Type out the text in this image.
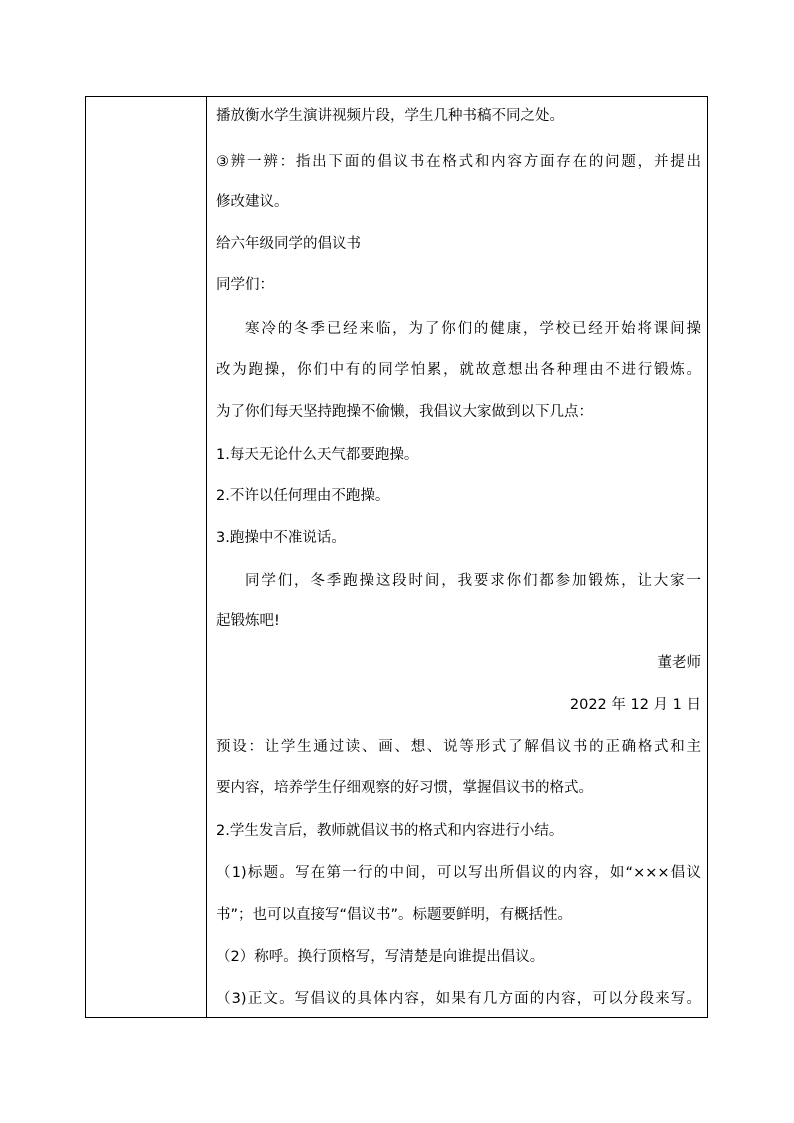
播放衡水学生演讲视频片段，学生几种书稿不同之处。
③辨一辨：指出下面的倡议书在格式和内容方面存在的问题，并提出
修改建议。
给六年级同学的倡议书
同学们：
寒冷的冬季已经来临，为了你们的健康，学校已经开始将课间操
改为跑操，你们中有的同学怕累，就故意想出各种理由不进行锻炼。
为了你们每天坚持跑操不偷懒，我倡议大家做到以下几点：
1.每天无论什么天气都要跑操。
2.不许以任何理由不跑操。
3.跑操中不准说话。
同学们，冬季跑操这段时间，我要求你们都参加锻炼，让大家一
起锻炼吧!
董老师
2022 年 12 月 1 日
预设：让学生通过读、画、想、说等形式了解倡议书的正确格式和主
要内容，培养学生仔细观察的好习惯，掌握倡议书的格式。
2.学生发言后，教师就倡议书的格式和内容进行小结。
（1)标题。写在第一行的中间，可以写出所倡议的内容，如“×××倡议
书”；也可以直接写“倡议书”。标题要鲜明，有概括性。
（2）称呼。换行顶格写，写清楚是向谁提出倡议。
（3)正文。写倡议的具体内容，如果有几方面的内容，可以分段来写。
